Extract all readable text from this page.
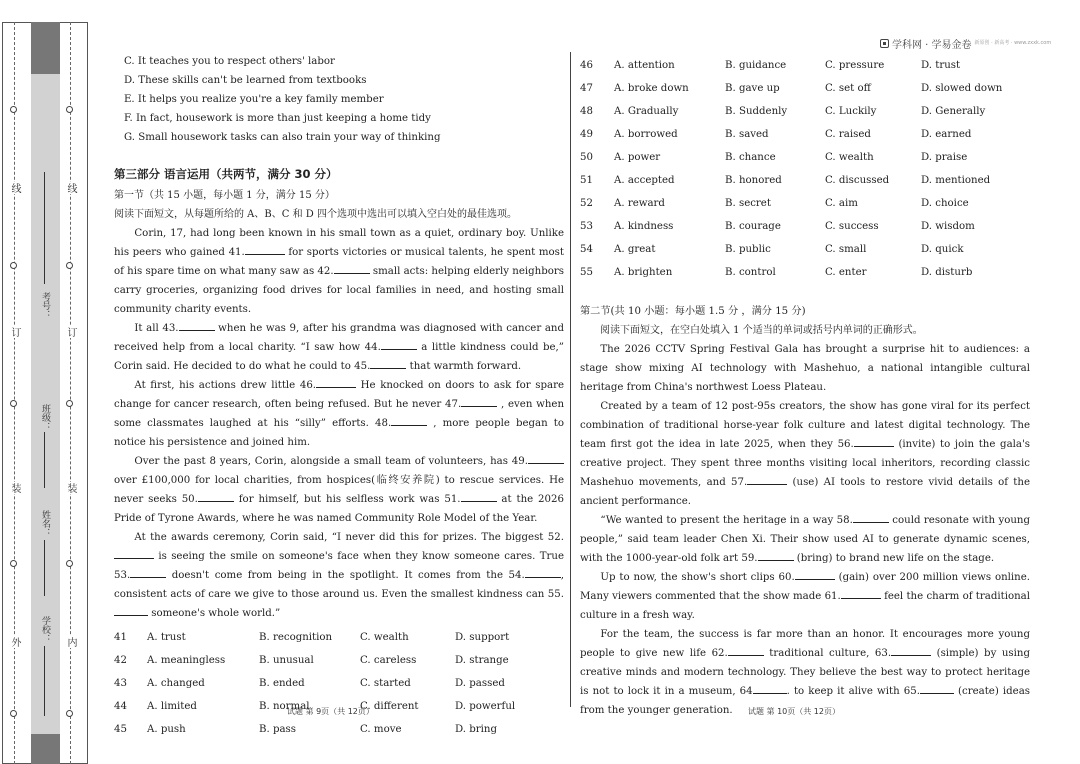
线
订
装
外
线
订
装
内
考号：
班级：
姓名：
学校：
学科网 · 学易金卷 新原创 · 新高考 · www.zxxk.com
C. It teaches you to respect others' labor
D. These skills can't be learned from textbooks
E. It helps you realize you're a key family member
F. In fact, housework is more than just keeping a home tidy
G. Small housework tasks can also train your way of thinking
第三部分 语言运用（共两节，满分 30 分）
第一节（共 15 小题，每小题 1 分，满分 15 分）
阅读下面短文，从每题所给的 A、B、C 和 D 四个选项中选出可以填入空白处的最佳选项。

Corin, 17, had long been known in his small town as a quiet, ordinary boy. Unlike his peers who gained 41.	for sports victories or musical talents, he spent most of his spare time on what many saw as 42.	small acts: helping elderly neighbors carry groceries, organizing food drives for local families in need, and hosting small community charity events.

It all 43.	when he was 9, after his grandma was diagnosed with cancer and received help from a local charity. “I saw how 44.	a little kindness could be,” Corin said. He decided to do what he could to 45.	that warmth forward.

At first, his actions drew little 46.	He knocked on doors to ask for spare change for cancer research, often being refused. But he never 47.	, even when some classmates laughed at his “silly” efforts. 48.	, more people began to notice his persistence and joined him.

Over the past 8 years, Corin, alongside a small team of volunteers, has 49. over £100,000 for local charities, from hospices(临终安养院) to rescue services. He never seeks 50.	for himself, but his selfless work was 51.	at the 2026 Pride of Tyrone Awards, where he was named Community Role Model of the Year.

At the awards ceremony, Corin said, “I never did this for prizes. The biggest 52. is seeing the smile on someone's face when they know someone cares. True 53.	doesn't come from being in the spotlight. It comes from the 54.	, consistent acts of care we give to those around us. Even the smallest kindness can 55. someone's whole world.”

41	A. trust	B. recognition	C. wealth	D. support
42	A. meaningless	B. unusual	C. careless	D. strange
43	A. changed	B. ended	C. started	D. passed
44	A. limited	B. normal	C. different	D. powerful
45	A. push	B. pass	C. move	D. bring
46	A. attention	B. guidance	C. pressure	D. trust
47	A. broke down	B. gave up	C. set off	D. slowed down
48	A. Gradually	B. Suddenly	C. Luckily	D. Generally
49	A. borrowed	B. saved	C. raised	D. earned
50	A. power	B. chance	C. wealth	D. praise
51	A. accepted	B. honored	C. discussed	D. mentioned
52	A. reward	B. secret	C. aim	D. choice
53	A. kindness	B. courage	C. success	D. wisdom
54	A. great	B. public	C. small	D. quick
55	A. brighten	B. control	C. enter	D. disturb
第二节(共 10 小题：每小题 1.5 分 ，满分 15 分)
阅读下面短文，在空白处填入 1 个适当的单词或括号内单词的正确形式。

The 2026 CCTV Spring Festival Gala has brought a surprise hit to audiences: a stage show mixing AI technology with Mashehuo, a national intangible cultural heritage from China's northwest Loess Plateau.

Created by a team of 12 post-95s creators, the show has gone viral for its perfect combination of traditional horse-year folk culture and latest digital technology. The team first got the idea in late 2025, when they 56.	(invite) to join the gala's creative project. They spent three months visiting local inheritors, recording classic Mashehuo movements, and 57.	(use) AI tools to restore vivid details of the ancient performance.

“We wanted to present the heritage in a way 58.	could resonate with young people,” said team leader Chen Xi. Their show used AI to generate dynamic scenes, with the 1000-year-old folk art 59.	(bring) to brand new life on the stage.

Up to now, the show's short clips 60.	(gain) over 200 million views online. Many viewers commented that the show made 61.	feel the charm of traditional culture in a fresh way.

For the team, the success is far more than an honor. It encourages more young people to give new life 62.	traditional culture, 63.	(simple) by using creative minds and modern technology. They believe the best way to protect heritage is not to lock it in a museum, 64	. to keep it alive with 65.	(create) ideas from the younger generation.

试题 第 9页（共 12页）	试题 第 10页（共 12页）
